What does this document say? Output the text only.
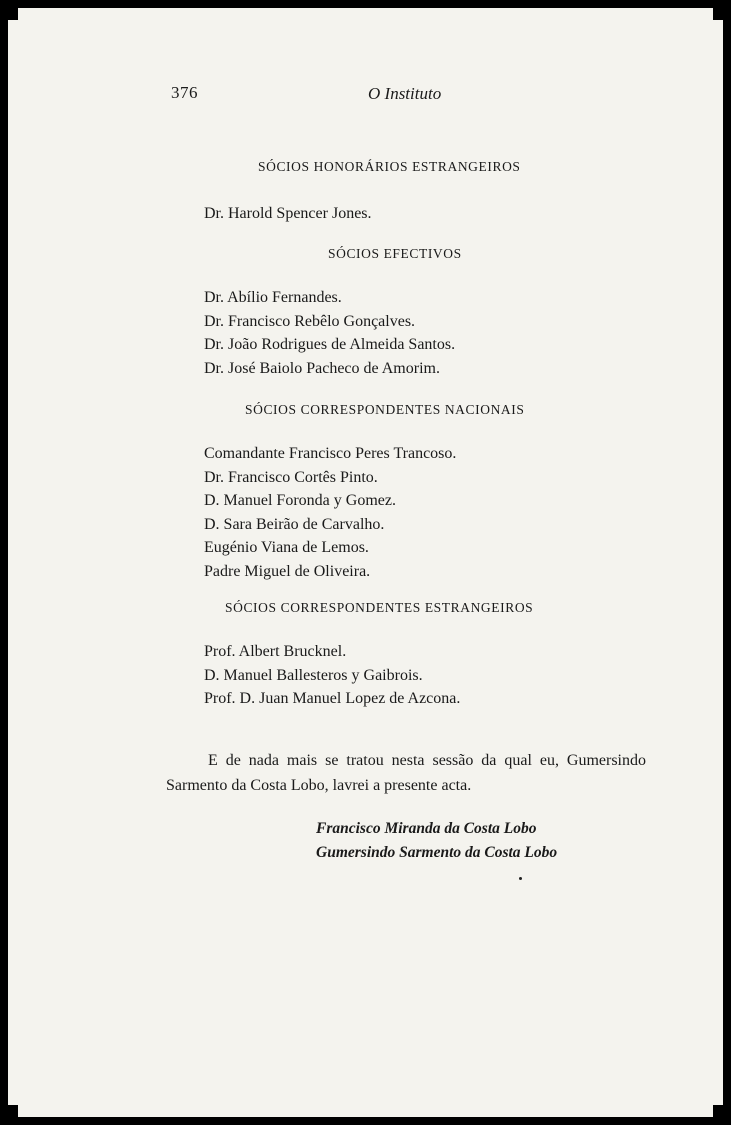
376	O Instituto
SÓCIOS HONORÁRIOS ESTRANGEIROS
Dr. Harold Spencer Jones.
SÓCIOS EFECTIVOS
Dr. Abílio Fernandes.
Dr. Francisco Rebêlo Gonçalves.
Dr. João Rodrigues de Almeida Santos.
Dr. José Baiolo Pacheco de Amorim.
SÓCIOS CORRESPONDENTES NACIONAIS
Comandante Francisco Peres Trancoso.
Dr. Francisco Cortês Pinto.
D. Manuel Foronda y Gomez.
D. Sara Beirão de Carvalho.
Eugénio Viana de Lemos.
Padre Miguel de Oliveira.
SÓCIOS CORRESPONDENTES ESTRANGEIROS
Prof. Albert Brucknel.
D. Manuel Ballesteros y Gaibrois.
Prof. D. Juan Manuel Lopez de Azcona.

E de nada mais se tratou nesta sessão da qual eu, Gumersindo Sarmento da Costa Lobo, lavrei a presente acta.

Francisco Miranda da Costa Lobo
Gumersindo Sarmento da Costa Lobo
